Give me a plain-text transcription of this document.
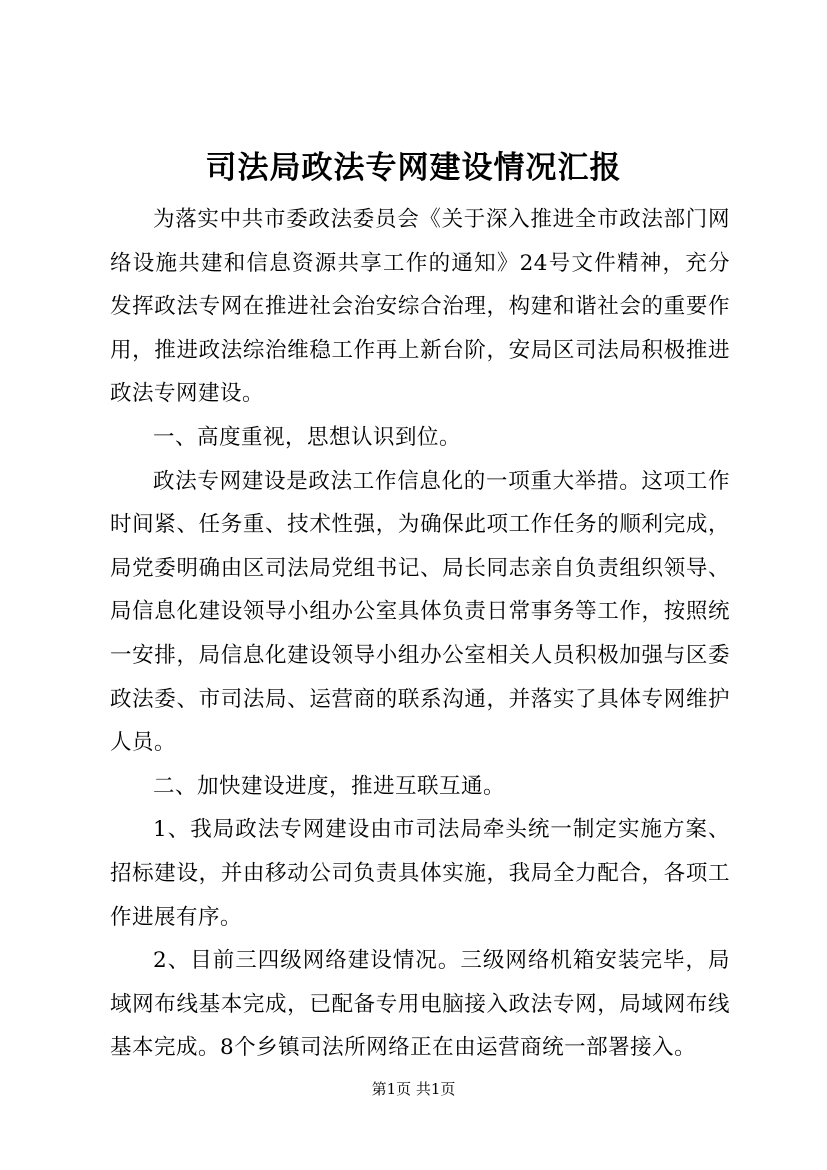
司法局政法专网建设情况汇报

为落实中共市委政法委员会《关于深入推进全市政法部门网络设施共建和信息资源共享工作的通知》24号文件精神，充分发挥政法专网在推进社会治安综合治理，构建和谐社会的重要作用，推进政法综治维稳工作再上新台阶，安局区司法局积极推进政法专网建设。

一、高度重视，思想认识到位。

政法专网建设是政法工作信息化的一项重大举措。这项工作时间紧、任务重、技术性强，为确保此项工作任务的顺利完成，局党委明确由区司法局党组书记、局长同志亲自负责组织领导、局信息化建设领导小组办公室具体负责日常事务等工作，按照统一安排，局信息化建设领导小组办公室相关人员积极加强与区委政法委、市司法局、运营商的联系沟通，并落实了具体专网维护人员。

二、加快建设进度，推进互联互通。

1、我局政法专网建设由市司法局牵头统一制定实施方案、招标建设，并由移动公司负责具体实施，我局全力配合，各项工作进展有序。

2、目前三四级网络建设情况。三级网络机箱安装完毕，局域网布线基本完成，已配备专用电脑接入政法专网，局域网布线基本完成。8个乡镇司法所网络正在由运营商统一部署接入。

第1页 共1页
